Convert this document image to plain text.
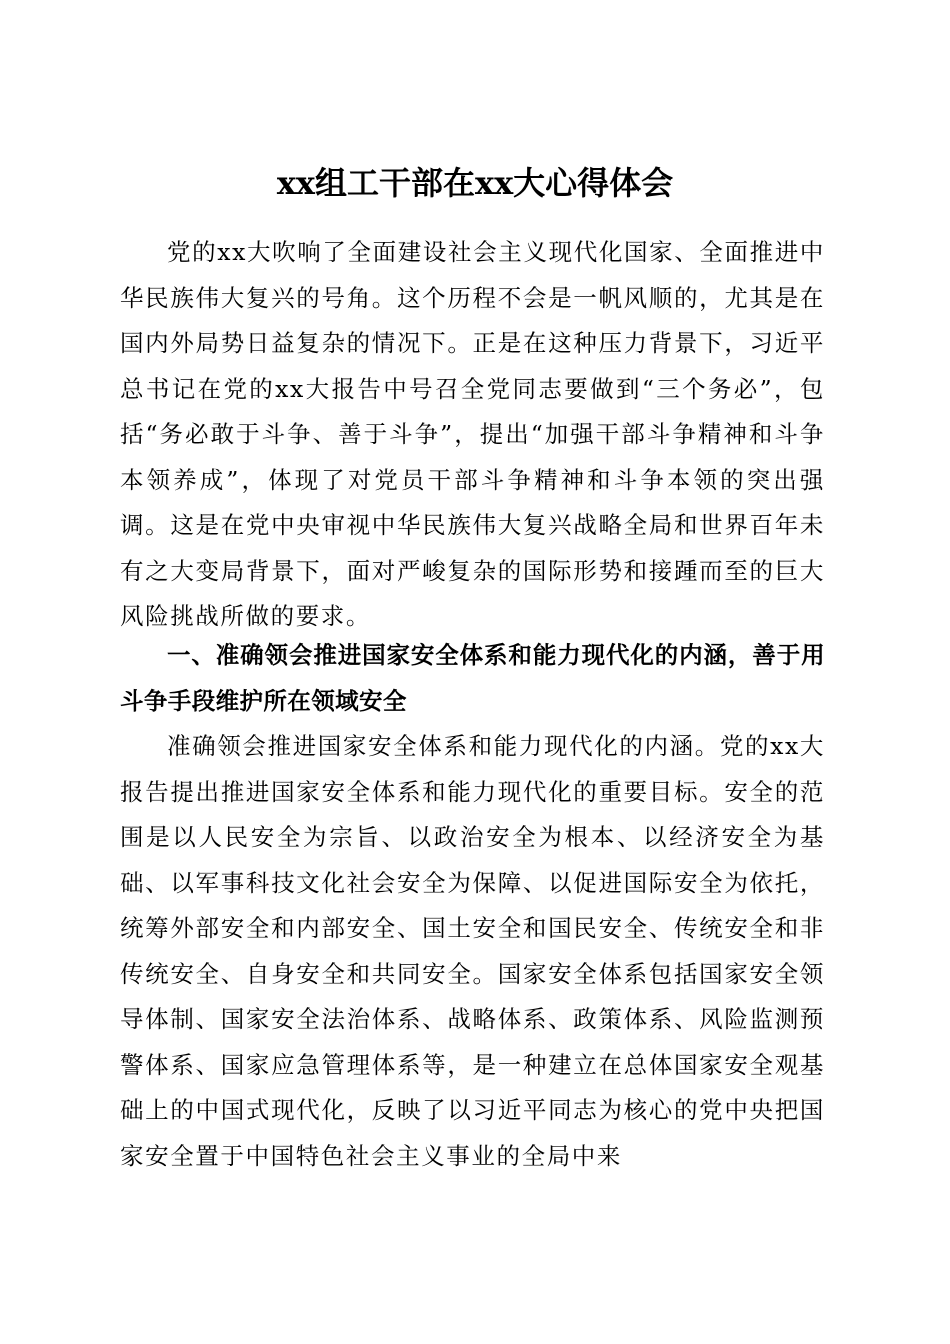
xx组工干部在xx大心得体会

党的xx大吹响了全面建设社会主义现代化国家、全面推进中华民族伟大复兴的号角。这个历程不会是一帆风顺的，尤其是在国内外局势日益复杂的情况下。正是在这种压力背景下，习近平总书记在党的xx大报告中号召全党同志要做到“三个务必”，包括“务必敢于斗争、善于斗争”，提出“加强干部斗争精神和斗争本领养成”，体现了对党员干部斗争精神和斗争本领的突出强调。这是在党中央审视中华民族伟大复兴战略全局和世界百年未有之大变局背景下，面对严峻复杂的国际形势和接踵而至的巨大风险挑战所做的要求。

一、准确领会推进国家安全体系和能力现代化的内涵，善于用斗争手段维护所在领域安全

准确领会推进国家安全体系和能力现代化的内涵。党的xx大报告提出推进国家安全体系和能力现代化的重要目标。安全的范围是以人民安全为宗旨、以政治安全为根本、以经济安全为基础、以军事科技文化社会安全为保障、以促进国际安全为依托，统筹外部安全和内部安全、国土安全和国民安全、传统安全和非传统安全、自身安全和共同安全。国家安全体系包括国家安全领导体制、国家安全法治体系、战略体系、政策体系、风险监测预警体系、国家应急管理体系等，是一种建立在总体国家安全观基础上的中国式现代化，反映了以习近平同志为核心的党中央把国家安全置于中国特色社会主义事业的全局中来
